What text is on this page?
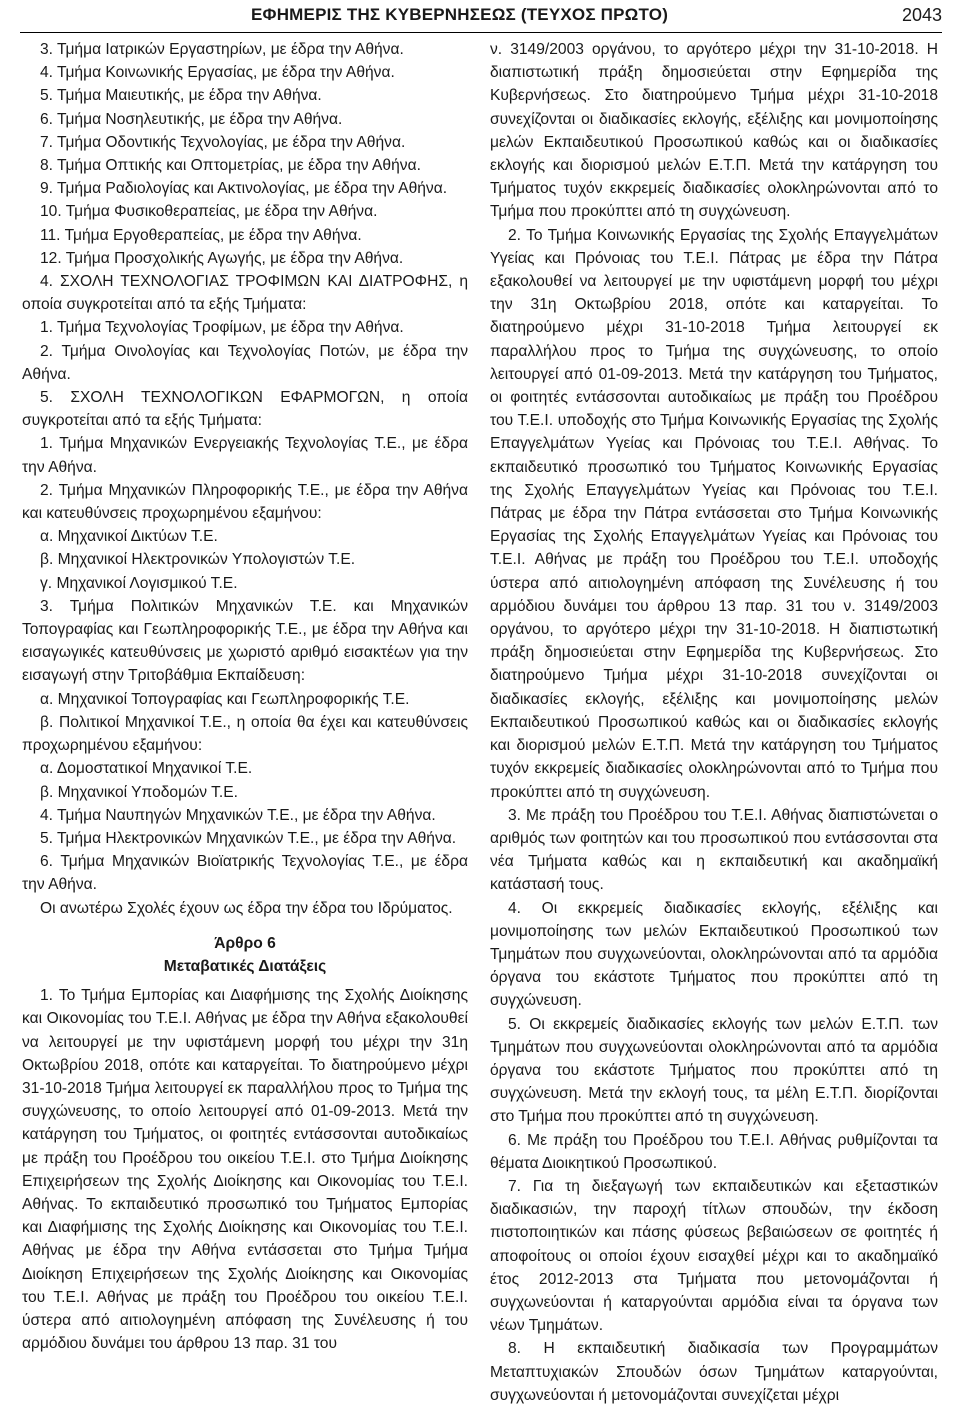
ΕΦΗΜΕΡΙΣ ΤΗΣ ΚΥΒΕΡΝΗΣΕΩΣ (ΤΕΥΧΟΣ ΠΡΩΤΟ)	2043

3. Τμήμα Ιατρικών Εργαστηρίων, με έδρα την Αθήνα.

4. Τμήμα Κοινωνικής Εργασίας, με έδρα την Αθήνα.

5. Τμήμα Μαιευτικής, με έδρα την Αθήνα.

6. Τμήμα Νοσηλευτικής, με έδρα την Αθήνα.

7. Τμήμα Οδοντικής Τεχνολογίας, με έδρα την Αθήνα.

8. Τμήμα Οπτικής και Οπτομετρίας, με έδρα την Αθήνα.

9. Τμήμα Ραδιολογίας και Ακτινολογίας, με έδρα την Αθήνα.

10. Τμήμα Φυσικοθεραπείας, με έδρα την Αθήνα.

11. Τμήμα Εργοθεραπείας, με έδρα την Αθήνα.

12. Τμήμα Προσχολικής Αγωγής, με έδρα την Αθήνα.

4. ΣΧΟΛΗ ΤΕΧΝΟΛΟΓΙΑΣ ΤΡΟΦΙΜΩΝ ΚΑΙ ΔΙΑΤΡΟΦΗΣ, η οποία συγκροτείται από τα εξής Τμήματα:

1. Τμήμα Τεχνολογίας Τροφίμων, με έδρα την Αθήνα.

2. Τμήμα Οινολογίας και Τεχνολογίας Ποτών, με έδρα την Αθήνα.

5. ΣΧΟΛΗ ΤΕΧΝΟΛΟΓΙΚΩΝ ΕΦΑΡΜΟΓΩΝ, η οποία συγκροτείται από τα εξής Τμήματα:

1. Τμήμα Μηχανικών Ενεργειακής Τεχνολογίας Τ.Ε., με έδρα την Αθήνα.

2. Τμήμα Μηχανικών Πληροφορικής Τ.Ε., με έδρα την Αθήνα και κατευθύνσεις προχωρημένου εξαμήνου:

α. Μηχανικοί Δικτύων Τ.Ε.

β. Μηχανικοί Ηλεκτρονικών Υπολογιστών Τ.Ε.

γ. Μηχανικοί Λογισμικού Τ.Ε.

3. Τμήμα Πολιτικών Μηχανικών Τ.Ε. και Μηχανικών Τοπογραφίας και Γεωπληροφορικής Τ.Ε., με έδρα την Αθήνα και εισαγωγικές κατευθύνσεις με χωριστό αριθμό εισακτέων για την εισαγωγή στην Τριτοβάθμια Εκπαίδευση:

α. Μηχανικοί Τοπογραφίας και Γεωπληροφορικής Τ.Ε.

β. Πολιτικοί Μηχανικοί Τ.Ε., η οποία θα έχει και κατευθύνσεις προχωρημένου εξαμήνου:

α. Δομοστατικοί Μηχανικοί Τ.Ε.

β. Μηχανικοί Υποδομών Τ.Ε.

4. Τμήμα Ναυπηγών Μηχανικών Τ.Ε., με έδρα την Αθήνα.

5. Τμήμα Ηλεκτρονικών Μηχανικών Τ.Ε., με έδρα την Αθήνα.

6. Τμήμα Μηχανικών Βιοϊατρικής Τεχνολογίας Τ.Ε., με έδρα την Αθήνα.

Οι ανωτέρω Σχολές έχουν ως έδρα την έδρα του Ιδρύματος.

Άρθρο 6
Μεταβατικές Διατάξεις

1. Το Τμήμα Εμπορίας και Διαφήμισης της Σχολής Διοίκησης και Οικονομίας του Τ.Ε.Ι. Αθήνας με έδρα την Αθήνα εξακολουθεί να λειτουργεί με την υφιστάμενη μορφή του μέχρι την 31η Οκτωβρίου 2018, οπότε και καταργείται. Το διατηρούμενο μέχρι 31-10-2018 Τμήμα λειτουργεί εκ παραλλήλου προς το Τμήμα της συγχώνευσης, το οποίο λειτουργεί από 01-09-2013. Μετά την κατάργηση του Τμήματος, οι φοιτητές εντάσσονται αυτοδικαίως με πράξη του Προέδρου του οικείου Τ.Ε.Ι. στο Τμήμα Διοίκησης Επιχειρήσεων της Σχολής Διοίκησης και Οικονομίας του Τ.Ε.Ι. Αθήνας. Το εκπαιδευτικό προσωπικό του Τμήματος Εμπορίας και Διαφήμισης της Σχολής Διοίκησης και Οικονομίας του Τ.Ε.Ι. Αθήνας με έδρα την Αθήνα εντάσσεται στο Τμήμα Τμήμα Διοίκηση Επιχειρήσεων της Σχολής Διοίκησης και Οικονομίας του Τ.Ε.Ι. Αθήνας με πράξη του Προέδρου του οικείου Τ.Ε.Ι. ύστερα από αιτιολογημένη απόφαση της Συνέλευσης ή του αρμόδιου δυνάμει του άρθρου 13 παρ. 31 του

ν. 3149/2003 οργάνου, το αργότερο μέχρι την 31-10-2018. Η διαπιστωτική πράξη δημοσιεύεται στην Εφημερίδα της Κυβερνήσεως. Στο διατηρούμενο Τμήμα μέχρι 31-10-2018 συνεχίζονται οι διαδικασίες εκλογής, εξέλιξης και μονιμοποίησης μελών Εκπαιδευτικού Προσωπικού καθώς και οι διαδικασίες εκλογής και διορισμού μελών Ε.Τ.Π. Μετά την κατάργηση του Τμήματος τυχόν εκκρεμείς διαδικασίες ολοκληρώνονται από το Τμήμα που προκύπτει από τη συγχώνευση.

2. Το Τμήμα Κοινωνικής Εργασίας της Σχολής Επαγγελμάτων Υγείας και Πρόνοιας του Τ.Ε.Ι. Πάτρας με έδρα την Πάτρα εξακολουθεί να λειτουργεί με την υφιστάμενη μορφή του μέχρι την 31η Οκτωβρίου 2018, οπότε και καταργείται. Το διατηρούμενο μέχρι 31-10-2018 Τμήμα λειτουργεί εκ παραλλήλου προς το Τμήμα της συγχώνευσης, το οποίο λειτουργεί από 01-09-2013. Μετά την κατάργηση του Τμήματος, οι φοιτητές εντάσσονται αυτοδικαίως με πράξη του Προέδρου του Τ.Ε.Ι. υποδοχής στο Τμήμα Κοινωνικής Εργασίας της Σχολής Επαγγελμάτων Υγείας και Πρόνοιας του Τ.Ε.Ι. Αθήνας. Το εκπαιδευτικό προσωπικό του Τμήματος Κοινωνικής Εργασίας της Σχολής Επαγγελμάτων Υγείας και Πρόνοιας του Τ.Ε.Ι. Πάτρας με έδρα την Πάτρα εντάσσεται στο Τμήμα Κοινωνικής Εργασίας της Σχολής Επαγγελμάτων Υγείας και Πρόνοιας του Τ.Ε.Ι. Αθήνας με πράξη του Προέδρου του Τ.Ε.Ι. υποδοχής ύστερα από αιτιολογημένη απόφαση της Συνέλευσης ή του αρμόδιου δυνάμει του άρθρου 13 παρ. 31 του ν. 3149/2003 οργάνου, το αργότερο μέχρι την 31-10-2018. Η διαπιστωτική πράξη δημοσιεύεται στην Εφημερίδα της Κυβερνήσεως. Στο διατηρούμενο Τμήμα μέχρι 31-10-2018 συνεχίζονται οι διαδικασίες εκλογής, εξέλιξης και μονιμοποίησης μελών Εκπαιδευτικού Προσωπικού καθώς και οι διαδικασίες εκλογής και διορισμού μελών Ε.Τ.Π. Μετά την κατάργηση του Τμήματος τυχόν εκκρεμείς διαδικασίες ολοκληρώνονται από το Τμήμα που προκύπτει από τη συγχώνευση.

3. Με πράξη του Προέδρου του Τ.Ε.Ι. Αθήνας διαπιστώνεται ο αριθμός των φοιτητών και του προσωπικού που εντάσσονται στα νέα Τμήματα καθώς και η εκπαιδευτική και ακαδημαϊκή κατάστασή τους.

4. Οι εκκρεμείς διαδικασίες εκλογής, εξέλιξης και μονιμοποίησης των μελών Εκπαιδευτικού Προσωπικού των Τμημάτων που συγχωνεύονται, ολοκληρώνονται από τα αρμόδια όργανα του εκάστοτε Τμήματος που προκύπτει από τη συγχώνευση.

5. Οι εκκρεμείς διαδικασίες εκλογής των μελών Ε.Τ.Π. των Τμημάτων που συγχωνεύονται ολοκληρώνονται από τα αρμόδια όργανα του εκάστοτε Τμήματος που προκύπτει από τη συγχώνευση. Μετά την εκλογή τους, τα μέλη Ε.Τ.Π. διορίζονται στο Τμήμα που προκύπτει από τη συγχώνευση.

6. Με πράξη του Προέδρου του Τ.Ε.Ι. Αθήνας ρυθμίζονται τα θέματα Διοικητικού Προσωπικού.

7. Για τη διεξαγωγή των εκπαιδευτικών και εξεταστικών διαδικασιών, την παροχή τίτλων σπουδών, την έκδοση πιστοποιητικών και πάσης φύσεως βεβαιώσεων σε φοιτητές ή αποφοίτους οι οποίοι έχουν εισαχθεί μέχρι και το ακαδημαϊκό έτος 2012-2013 στα Τμήματα που μετονομάζονται ή συγχωνεύονται ή καταργούνται αρμόδια είναι τα όργανα των νέων Τμημάτων.

8. Η εκπαιδευτική διαδικασία των Προγραμμάτων Μεταπτυχιακών Σπουδών όσων Τμημάτων καταργούνται, συγχωνεύονται ή μετονομάζονται συνεχίζεται μέχρι
